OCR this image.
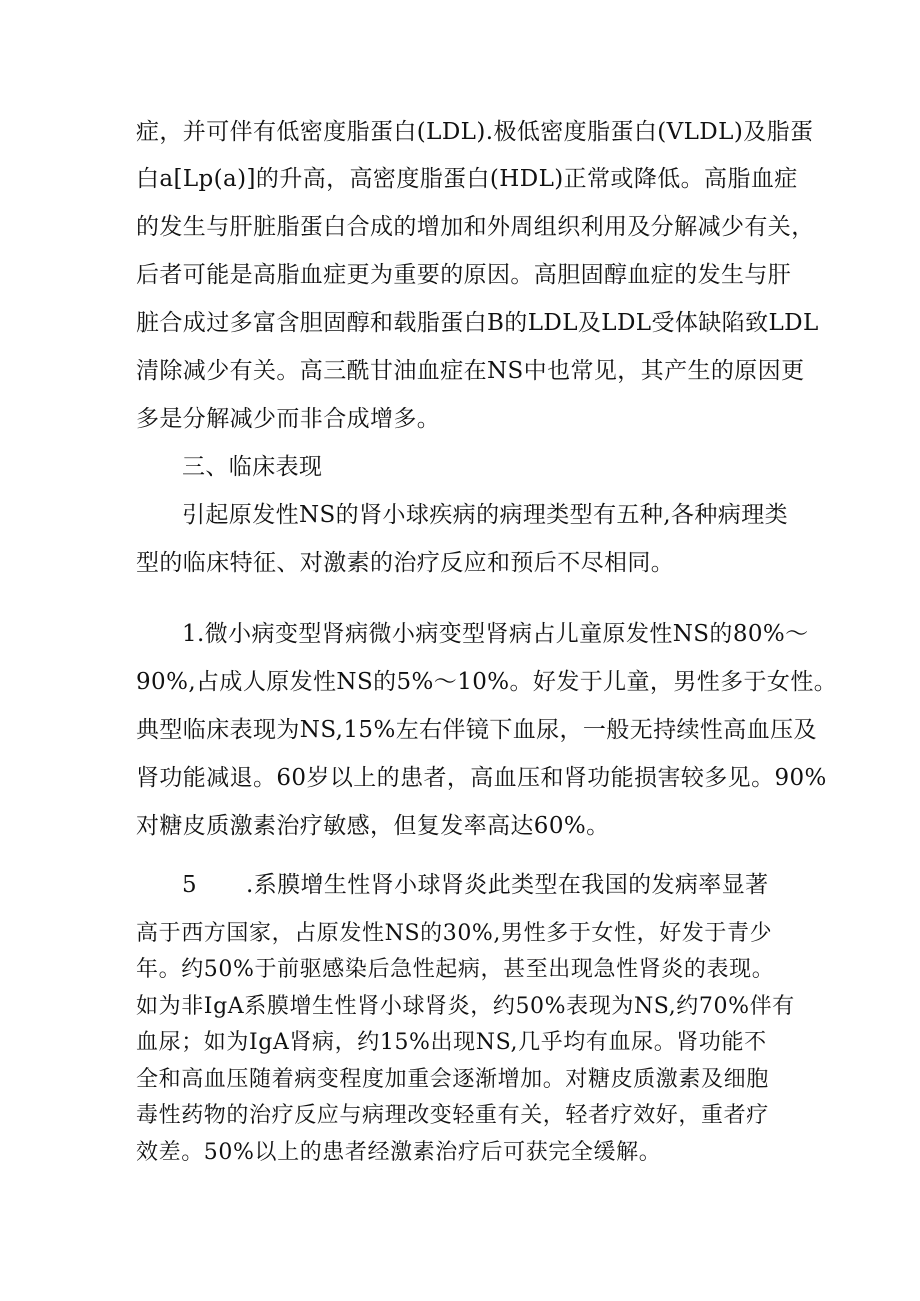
症，并可伴有低密度脂蛋白(LDL).极低密度脂蛋白(VLDL)及脂蛋
白a[Lp(a)]的升高，高密度脂蛋白(HDL)正常或降低。高脂血症
的发生与肝脏脂蛋白合成的增加和外周组织利用及分解减少有关，
后者可能是高脂血症更为重要的原因。高胆固醇血症的发生与肝
脏合成过多富含胆固醇和载脂蛋白B的LDL及LDL受体缺陷致LDL
清除减少有关。高三酰甘油血症在NS中也常见，其产生的原因更
多是分解减少而非合成增多。
三、临床表现
引起原发性NS的肾小球疾病的病理类型有五种,各种病理类
型的临床特征、对激素的治疗反应和预后不尽相同。
1.微小病变型肾病微小病变型肾病占儿童原发性NS的80%～
90%,占成人原发性NS的5%～10%。好发于儿童，男性多于女性。
典型临床表现为NS,15%左右伴镜下血尿，一般无持续性高血压及
肾功能减退。60岁以上的患者，高血压和肾功能损害较多见。90%
对糖皮质激素治疗敏感，但复发率高达60%。
5 .系膜增生性肾小球肾炎此类型在我国的发病率显著
高于西方国家，占原发性NS的30%,男性多于女性，好发于青少
年。约50%于前驱感染后急性起病，甚至出现急性肾炎的表现。
如为非IgA系膜增生性肾小球肾炎，约50%表现为NS,约70%伴有
血尿；如为IgA肾病，约15%出现NS,几乎均有血尿。肾功能不
全和高血压随着病变程度加重会逐渐增加。对糖皮质激素及细胞
毒性药物的治疗反应与病理改变轻重有关，轻者疗效好，重者疗
效差。50%以上的患者经激素治疗后可获完全缓解。
